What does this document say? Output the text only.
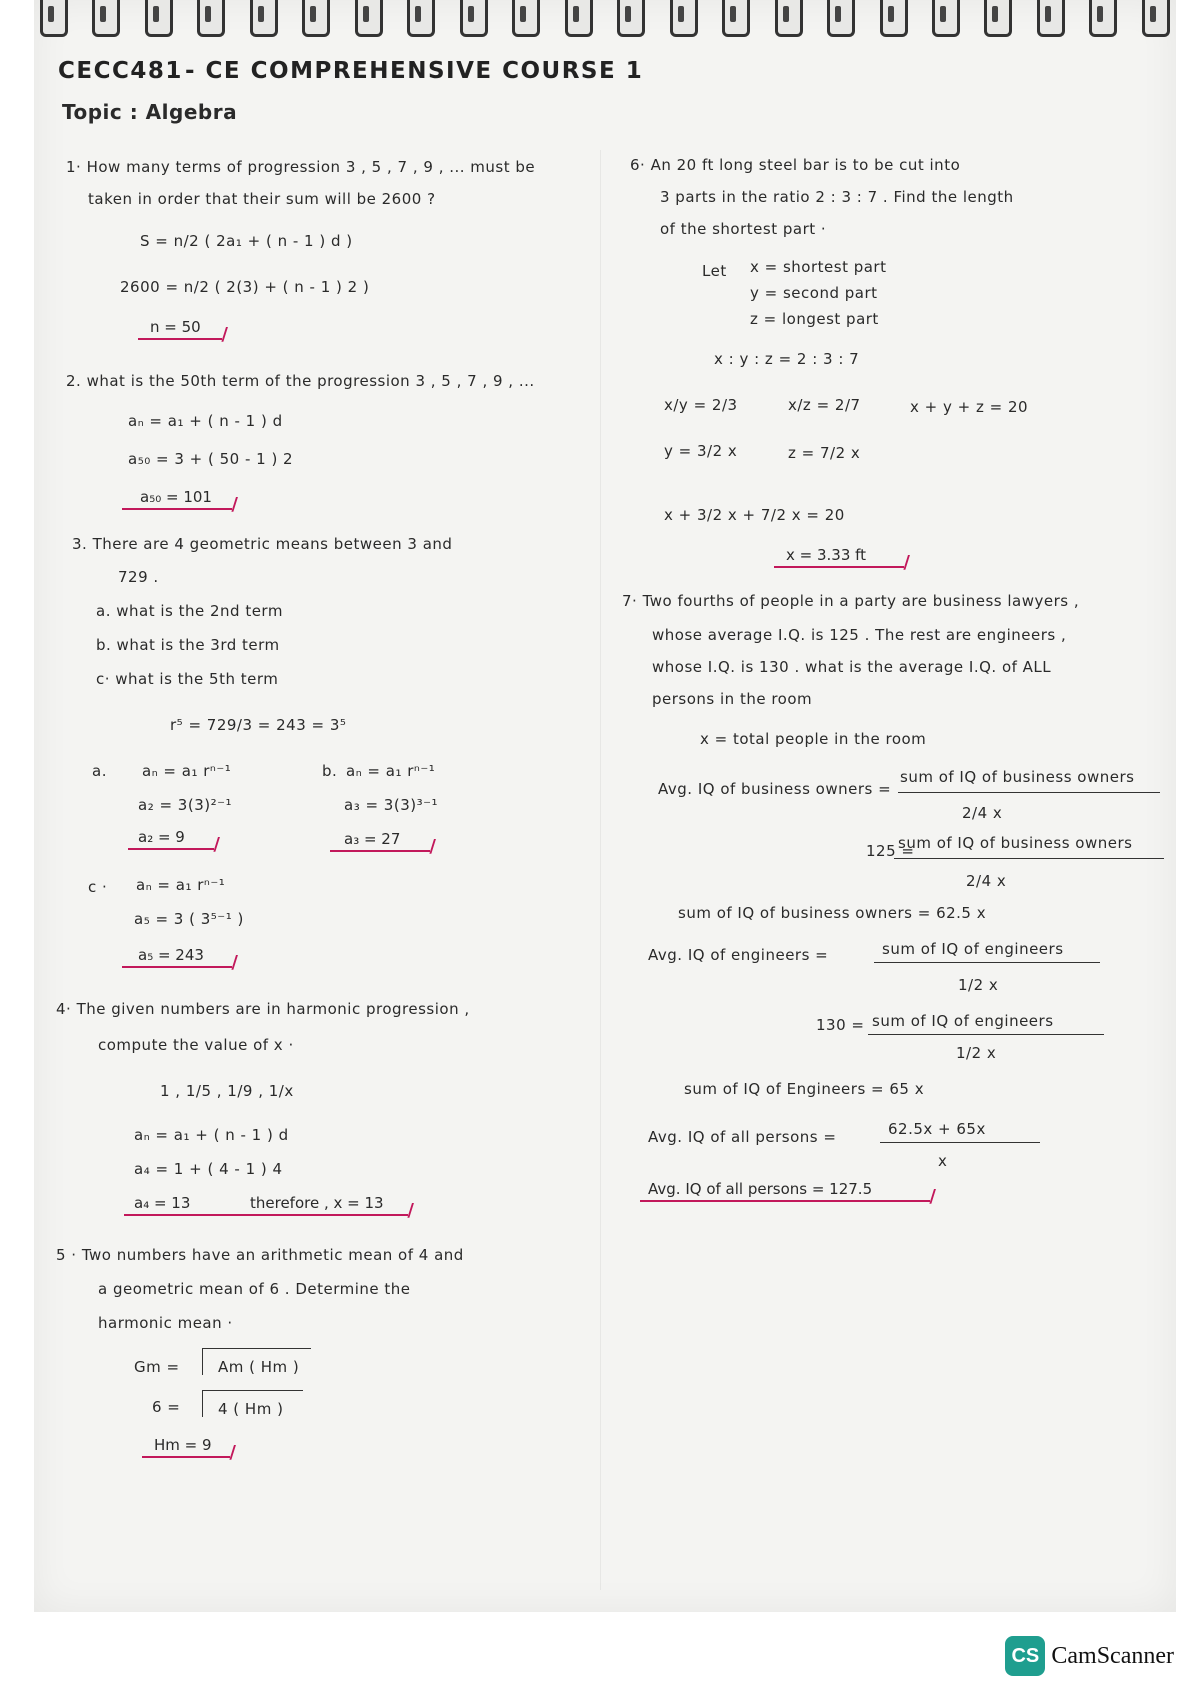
CECC481 - CE COMPREHENSIVE COURSE 1
Topic : Algebra
1· How many terms of progression 3 , 5 , 7 , 9 , ... must be
taken in order that their sum will be 2600 ?
S = n/2 ( 2a₁ + ( n - 1 ) d )
2600 = n/2 ( 2(3) + ( n - 1 ) 2 )
n = 50
/
2. what is the 50th term of the progression 3 , 5 , 7 , 9 , ...
aₙ = a₁ + ( n - 1 ) d
a₅₀ = 3 + ( 50 - 1 ) 2
a₅₀ = 101
/
3. There are 4 geometric means between 3 and
729 .
a. what is the 2nd term
b. what is the 3rd term
c· what is the 5th term
r⁵ = 729/3 = 243 = 3⁵
a. aₙ = a₁ rⁿ⁻¹
a₂ = 3(3)²⁻¹
a₂ = 9
/
b. aₙ = a₁ rⁿ⁻¹
a₃ = 3(3)³⁻¹
a₃ = 27
/
c · aₙ = a₁ rⁿ⁻¹
a₅ = 3 ( 3⁵⁻¹ )
a₅ = 243
/
4· The given numbers are in harmonic progression ,
compute the value of x ·
1 , 1/5 , 1/9 , 1/x
aₙ = a₁ + ( n - 1 ) d
a₄ = 1 + ( 4 - 1 ) 4
a₄ = 13	therefore , x = 13
/
5 · Two numbers have an arithmetic mean of 4 and
a geometric mean of 6 . Determine the
harmonic mean ·
Gm =	Am ( Hm )
6 =	4 ( Hm )
Hm = 9
/
6· An 20 ft long steel bar is to be cut into
3 parts in the ratio 2 : 3 : 7 . Find the length
of the shortest part ·
Let x = shortest part
y = second part
z = longest part
x : y : z = 2 : 3 : 7
x/y = 2/3	x/z = 2/7	x + y + z = 20
y = 3/2 x	z = 7/2 x
x + 3/2 x + 7/2 x = 20
x = 3.33 ft
/
7· Two fourths of people in a party are business lawyers ,
whose average I.Q. is 125 . The rest are engineers ,
whose I.Q. is 130 . what is the average I.Q. of ALL
persons in the room
x = total people in the room
Avg. IQ of business owners =
sum of IQ of business owners
2/4 x
125 =
sum of IQ of business owners
2/4 x
sum of IQ of business owners = 62.5 x
Avg. IQ of engineers =	sum of IQ of engineers
1/2 x
130 = sum of IQ of engineers
1/2 x
sum of IQ of Engineers = 65 x
Avg. IQ of all persons =	62.5x + 65x
x
Avg. IQ of all persons = 127.5
/
CS CamScanner
